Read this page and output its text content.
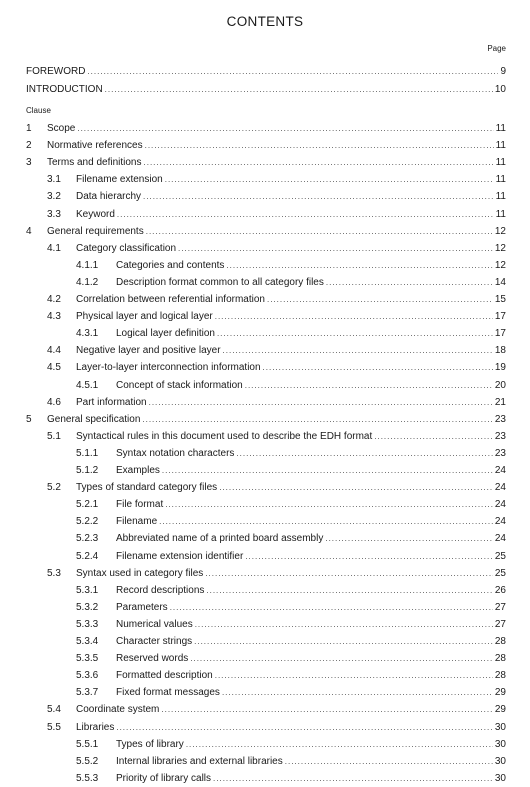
CONTENTS
Page
Clause
FOREWORD .....	9
INTRODUCTION .....	10
1 Scope .....	11
2 Normative references .....	11
3 Terms and definitions .....	11
3.1 Filename extension .....	11
3.2 Data hierarchy .....	11
3.3 Keyword .....	11
4 General requirements .....	12
4.1 Category classification .....	12
4.1.1 Categories and contents .....	12
4.1.2 Description format common to all category files .....	14
4.2 Correlation between referential information .....	15
4.3 Physical layer and logical layer .....	17
4.3.1 Logical layer definition .....	17
4.4 Negative layer and positive layer .....	18
4.5 Layer-to-layer interconnection information .....	19
4.5.1 Concept of stack information .....	20
4.6 Part information .....	21
5 General specification .....	23
5.1 Syntactical rules in this document used to describe the EDH format .....	23
5.1.1 Syntax notation characters .....	23
5.1.2 Examples .....	24
5.2 Types of standard category files .....	24
5.2.1 File format .....	24
5.2.2 Filename .....	24
5.2.3 Abbreviated name of a printed board assembly .....	24
5.2.4 Filename extension identifier .....	25
5.3 Syntax used in category files .....	25
5.3.1 Record descriptions .....	26
5.3.2 Parameters .....	27
5.3.3 Numerical values .....	27
5.3.4 Character strings .....	28
5.3.5 Reserved words .....	28
5.3.6 Formatted description .....	28
5.3.7 Fixed format messages .....	29
5.4 Coordinate system .....	29
5.5 Libraries .....	30
5.5.1 Types of library .....	30
5.5.2 Internal libraries and external libraries .....	30
5.5.3 Priority of library calls .....	30
